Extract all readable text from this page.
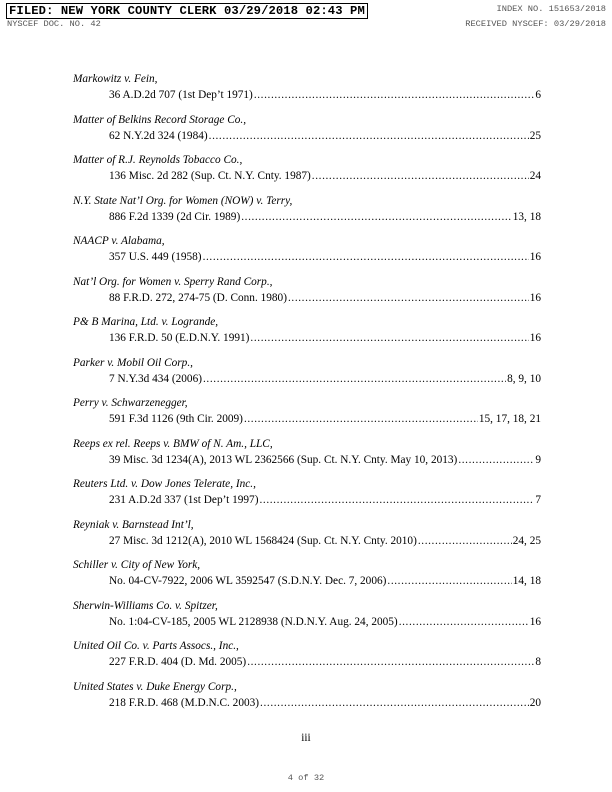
FILED: NEW YORK COUNTY CLERK 03/29/2018 02:43 PM	INDEX NO. 151653/2018
NYSCEF DOC. NO. 42	RECEIVED NYSCEF: 03/29/2018
Markowitz v. Fein,
36 A.D.2d 707 (1st Dep’t 1971) .....	6
Matter of Belkins Record Storage Co.,
62 N.Y.2d 324 (1984) .....	25
Matter of R.J. Reynolds Tobacco Co.,
136 Misc. 2d 282 (Sup. Ct. N.Y. Cnty. 1987) .....	24
N.Y. State Nat’l Org. for Women (NOW) v. Terry,
886 F.2d 1339 (2d Cir. 1989) .....	13, 18
NAACP v. Alabama,
357 U.S. 449 (1958) .....	16
Nat’l Org. for Women v. Sperry Rand Corp.,
88 F.R.D. 272, 274-75 (D. Conn. 1980) .....	16
P& B Marina, Ltd. v. Logrande,
136 F.R.D. 50 (E.D.N.Y. 1991) .....	16
Parker v. Mobil Oil Corp.,
7 N.Y.3d 434 (2006) .....	8, 9, 10
Perry v. Schwarzenegger,
591 F.3d 1126 (9th Cir. 2009) .....	15, 17, 18, 21
Reeps ex rel. Reeps v. BMW of N. Am., LLC,
39 Misc. 3d 1234(A), 2013 WL 2362566 (Sup. Ct. N.Y. Cnty. May 10, 2013) .....	9
Reuters Ltd. v. Dow Jones Telerate, Inc.,
231 A.D.2d 337 (1st Dep’t 1997) .....	7
Reyniak v. Barnstead Int’l,
27 Misc. 3d 1212(A), 2010 WL 1568424 (Sup. Ct. N.Y. Cnty. 2010) .....	24, 25
Schiller v. City of New York,
No. 04-CV-7922, 2006 WL 3592547 (S.D.N.Y. Dec. 7, 2006) .....	14, 18
Sherwin-Williams Co. v. Spitzer,
No. 1:04-CV-185, 2005 WL 2128938 (N.D.N.Y. Aug. 24, 2005) .....	16
United Oil Co. v. Parts Assocs., Inc.,
227 F.R.D. 404 (D. Md. 2005) .....	8
United States v. Duke Energy Corp.,
218 F.R.D. 468 (M.D.N.C. 2003) .....	20
iii
4 of 32
